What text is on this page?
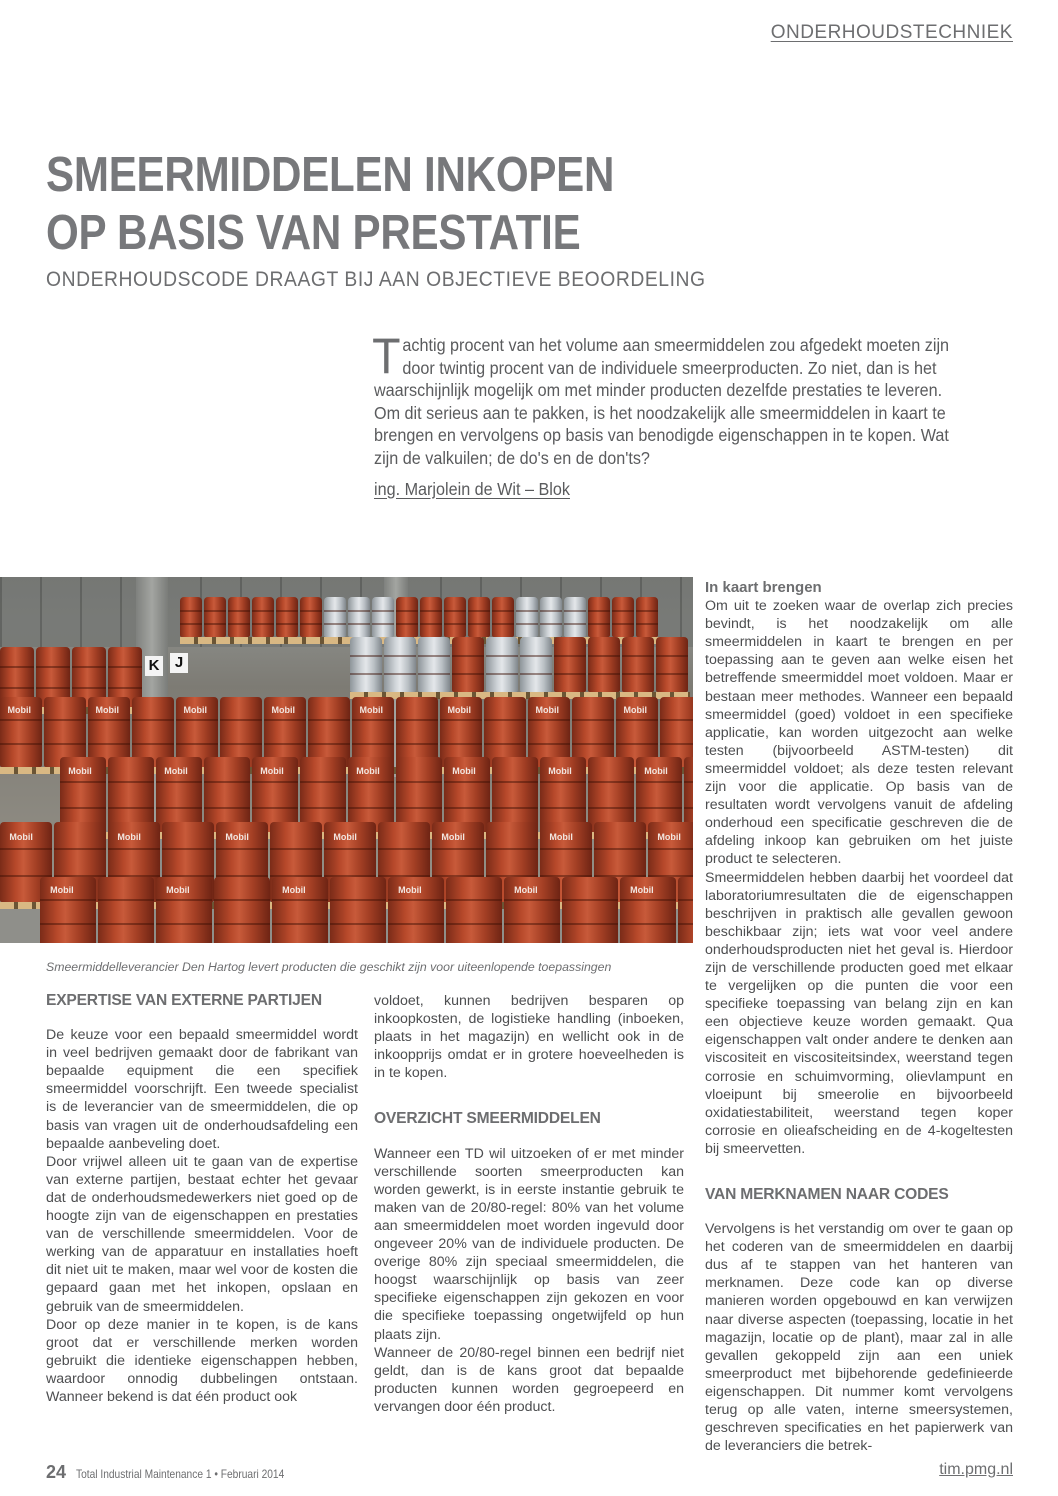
ONDERHOUDSTECHNIEK
SMEERMIDDELEN INKOPEN
OP BASIS VAN PRESTATIE
ONDERHOUDSCODE DRAAGT BIJ AAN OBJECTIEVE BEOORDELING

Tachtig procent van het volume aan smeermiddelen zou afgedekt moeten zijn door twintig procent van de individuele smeerproducten. Zo niet, dan is het waarschijnlijk mogelijk om met minder producten dezelfde prestaties te leveren. Om dit serieus aan te pakken, is het noodzakelijk alle smeermiddelen in kaart te brengen en vervolgens op basis van benodigde eigenschappen in te kopen. Wat zijn de valkuilen; de do's en de don'ts?

ing. Marjolein de Wit – Blok
K	J
Mobil	Mobil	Mobil	Mobil	Mobil	Mobil	Mobil	Mobil
Mobil	Mobil	Mobil	Mobil	Mobil	Mobil	Mobil
Mobil	Mobil	Mobil	Mobil	Mobil	Mobil	Mobil
Mobil	Mobil	Mobil	Mobil	Mobil	Mobil
Smeermiddelleverancier Den Hartog levert producten die geschikt zijn voor uiteenlopende toepassingen
EXPERTISE VAN EXTERNE PARTIJEN

De keuze voor een bepaald smeermiddel wordt in veel bedrijven gemaakt door de fabrikant van bepaalde equipment die een specifiek smeermiddel voorschrijft. Een tweede specialist is de leverancier van de smeermiddelen, die op basis van vragen uit de onderhoudsafdeling een bepaalde aanbeveling doet.

Door vrijwel alleen uit te gaan van de expertise van externe partijen, bestaat echter het gevaar dat de onderhoudsmedewerkers niet goed op de hoogte zijn van de eigenschappen en prestaties van de verschillende smeermiddelen. Voor de werking van de apparatuur en installaties hoeft dit niet uit te maken, maar wel voor de kosten die gepaard gaan met het inkopen, opslaan en gebruik van de smeermiddelen.

Door op deze manier in te kopen, is de kans groot dat er verschillende merken worden gebruikt die identieke eigenschappen hebben, waardoor onnodig dubbelingen ontstaan. Wanneer bekend is dat één product ook

voldoet, kunnen bedrijven besparen op inkoopkosten, de logistieke handling (inboeken, plaats in het magazijn) en wellicht ook in de inkoopprijs omdat er in grotere hoeveelheden is in te kopen.

OVERZICHT SMEERMIDDELEN

Wanneer een TD wil uitzoeken of er met minder verschillende soorten smeerproducten kan worden gewerkt, is in eerste instantie gebruik te maken van de 20/80-regel: 80% van het volume aan smeermiddelen moet worden ingevuld door ongeveer 20% van de individuele producten. De overige 80% zijn speciaal smeermiddelen, die hoogst waarschijnlijk op basis van zeer specifieke eigenschappen zijn gekozen en voor die specifieke toepassing ongetwijfeld op hun plaats zijn.

Wanneer de 20/80-regel binnen een bedrijf niet geldt, dan is de kans groot dat bepaalde producten kunnen worden gegroepeerd en vervangen door één product.

In kaart brengen

Om uit te zoeken waar de overlap zich precies bevindt, is het noodzakelijk om alle smeermiddelen in kaart te brengen en per toepassing aan te geven aan welke eisen het betreffende smeermiddel moet voldoen. Maar er bestaan meer methodes. Wanneer een bepaald smeermiddel (goed) voldoet in een specifieke applicatie, kan worden uitgezocht aan welke testen (bijvoorbeeld ASTM-testen) dit smeermiddel voldoet; als deze testen relevant zijn voor die applicatie. Op basis van de resultaten wordt vervolgens vanuit de afdeling onderhoud een specificatie geschreven die de afdeling inkoop kan gebruiken om het juiste product te selecteren.

Smeermiddelen hebben daarbij het voordeel dat laboratoriumresultaten die de eigenschappen beschrijven in praktisch alle gevallen gewoon beschikbaar zijn; iets wat voor veel andere onderhoudsproducten niet het geval is. Hierdoor zijn de verschillende producten goed met elkaar te vergelijken op die punten die voor een specifieke toepassing van belang zijn en kan een objectieve keuze worden gemaakt. Qua eigenschappen valt onder andere te denken aan viscositeit en viscositeitsindex, weerstand tegen corrosie en schuimvorming, olievlampunt en vloeipunt bij smeerolie en bijvoorbeeld oxidatiestabiliteit, weerstand tegen koper corrosie en olieafscheiding en de 4-kogeltesten bij smeervetten.

VAN MERKNAMEN NAAR CODES

Vervolgens is het verstandig om over te gaan op het coderen van de smeermiddelen en daarbij dus af te stappen van het hanteren van merknamen. Deze code kan op diverse manieren worden opgebouwd en kan verwijzen naar diverse aspecten (toepassing, locatie in het magazijn, locatie op de plant), maar zal in alle gevallen gekoppeld zijn aan een uniek smeerproduct met bijbehorende gedefinieerde eigenschappen. Dit nummer komt vervolgens terug op alle vaten, interne smeersystemen, geschreven specificaties en het papierwerk van de leveranciers die betrek-

24 Total Industrial Maintenance 1 • Februari 2014	tim.pmg.nl
